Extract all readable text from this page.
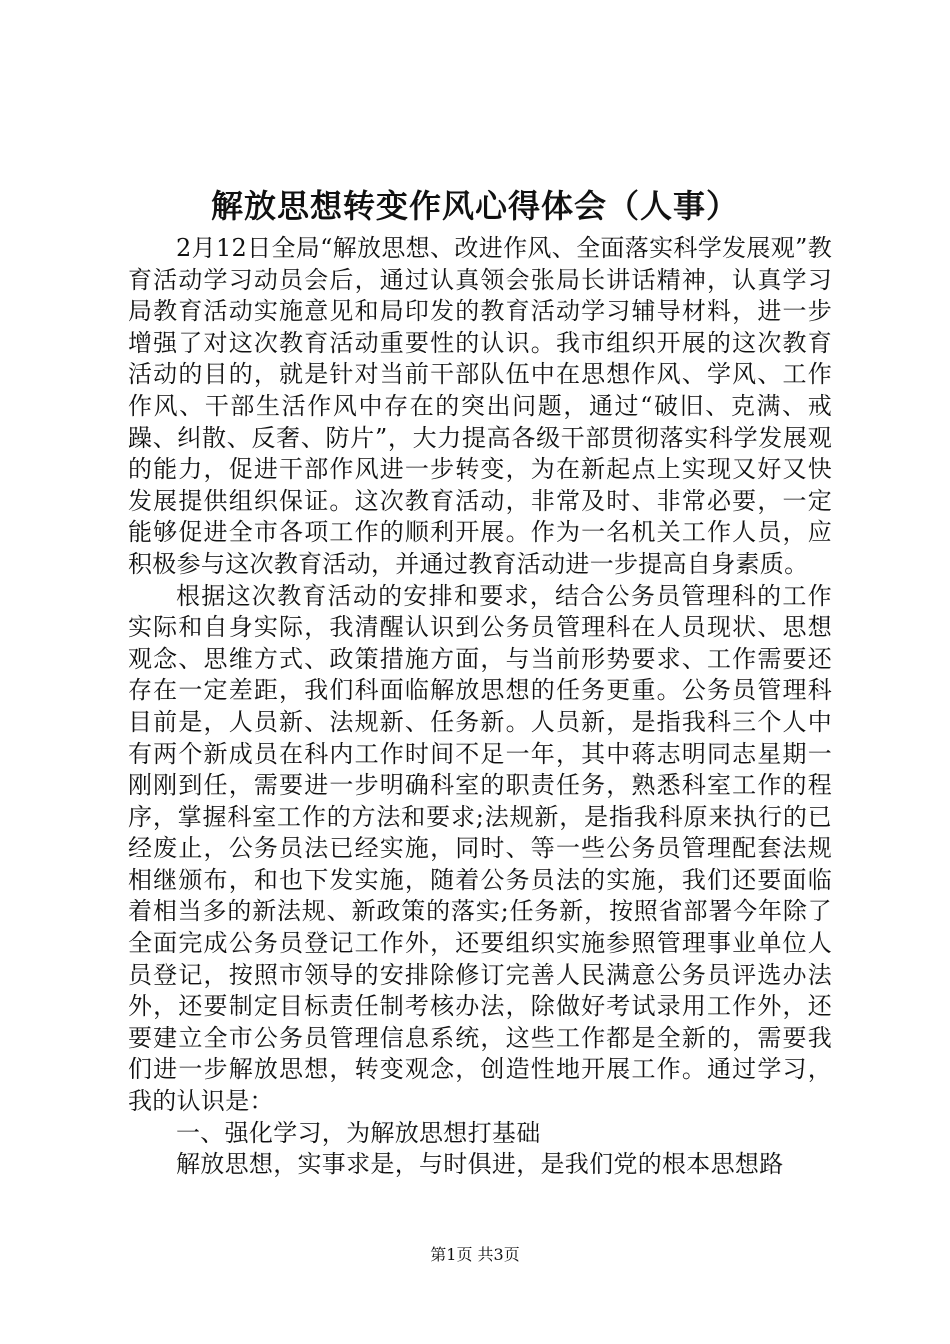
解放思想转变作风心得体会（人事）

2月12日全局“解放思想、改进作风、全面落实科学发展观”教育活动学习动员会后，通过认真领会张局长讲话精神，认真学习局教育活动实施意见和局印发的教育活动学习辅导材料，进一步增强了对这次教育活动重要性的认识。我市组织开展的这次教育活动的目的，就是针对当前干部队伍中在思想作风、学风、工作作风、干部生活作风中存在的突出问题，通过“破旧、克满、戒躁、纠散、反奢、防片”，大力提高各级干部贯彻落实科学发展观的能力，促进干部作风进一步转变，为在新起点上实现又好又快发展提供组织保证。这次教育活动，非常及时、非常必要，一定能够促进全市各项工作的顺利开展。作为一名机关工作人员，应积极参与这次教育活动，并通过教育活动进一步提高自身素质。

根据这次教育活动的安排和要求，结合公务员管理科的工作实际和自身实际，我清醒认识到公务员管理科在人员现状、思想观念、思维方式、政策措施方面，与当前形势要求、工作需要还存在一定差距，我们科面临解放思想的任务更重。公务员管理科目前是，人员新、法规新、任务新。人员新，是指我科三个人中有两个新成员在科内工作时间不足一年，其中蒋志明同志星期一刚刚到任，需要进一步明确科室的职责任务，熟悉科室工作的程序，掌握科室工作的方法和要求;法规新，是指我科原来执行的已经废止，公务员法已经实施，同时、等一些公务员管理配套法规相继颁布，和也下发实施，随着公务员法的实施，我们还要面临着相当多的新法规、新政策的落实;任务新，按照省部署今年除了全面完成公务员登记工作外，还要组织实施参照管理事业单位人员登记，按照市领导的安排除修订完善人民满意公务员评选办法外，还要制定目标责任制考核办法，除做好考试录用工作外，还要建立全市公务员管理信息系统，这些工作都是全新的，需要我们进一步解放思想，转变观念，创造性地开展工作。通过学习，我的认识是：

一、强化学习，为解放思想打基础

解放思想，实事求是，与时俱进，是我们党的根本思想路

第1页 共3页
